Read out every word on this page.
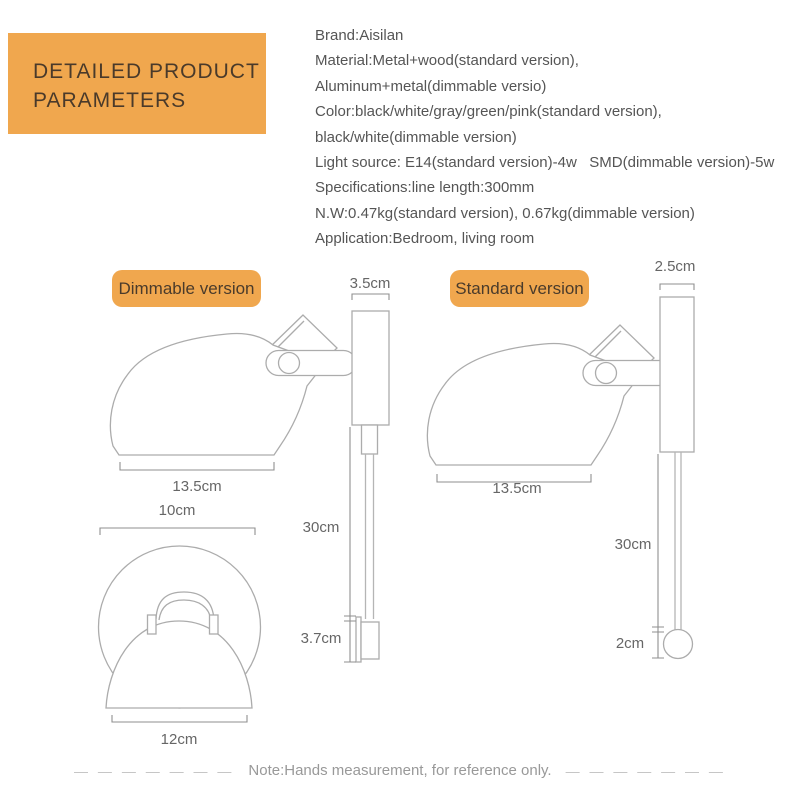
DETAILED PRODUCT
PARAMETERS

Brand:Aisilan

Material:Metal+wood(standard version),

Aluminum+metal(dimmable versio)

Color:black/white/gray/green/pink(standard version),

black/white(dimmable version)

Light source: E14(standard version)-4w   SMD(dimmable version)-5w

Specifications:line length:300mm

N.W:0.47kg(standard version), 0.67kg(dimmable version)

Application:Bedroom, living room

Dimmable version	Standard version
3.5cm
13.5cm
30cm
3.7cm
2.5cm
13.5cm
30cm
2cm
10cm
12cm
— — — — — — — Note:Hands measurement, for reference only. — — — — — — —
